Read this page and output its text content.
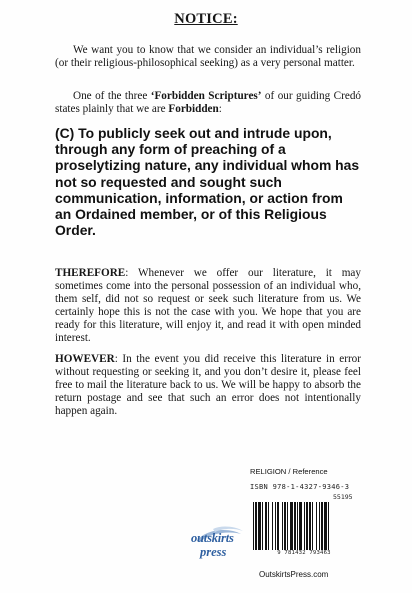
NOTICE:

We want you to know that we consider an individual’s religion (or their religious-philosophical seeking) as a very personal matter.

One of the three ‘Forbidden Scriptures’ of our guiding Credó states plainly that we are Forbidden:

(C) To publicly seek out and intrude upon, through any form of preaching of a proselytizing nature, any individual whom has not so requested and sought such communication, information, or action from an Ordained member, or of this Religious Order.

THEREFORE: Whenever we offer our literature, it may sometimes come into the personal possession of an individual who, them self, did not so request or seek such literature from us. We certainly hope this is not the case with you. We hope that you are ready for this literature, will enjoy it, and read it with open minded interest.

HOWEVER: In the event you did receive this literature in error without requesting or seeking it, and you don’t desire it, please feel free to mail the literature back to us. We will be happy to absorb the return postage and see that such an error does not intentionally happen again.

RELIGION / Reference
ISBN 978-1-4327-9346-3
55195
9 781432 793463
outskirts
press
OutskirtsPress.com
